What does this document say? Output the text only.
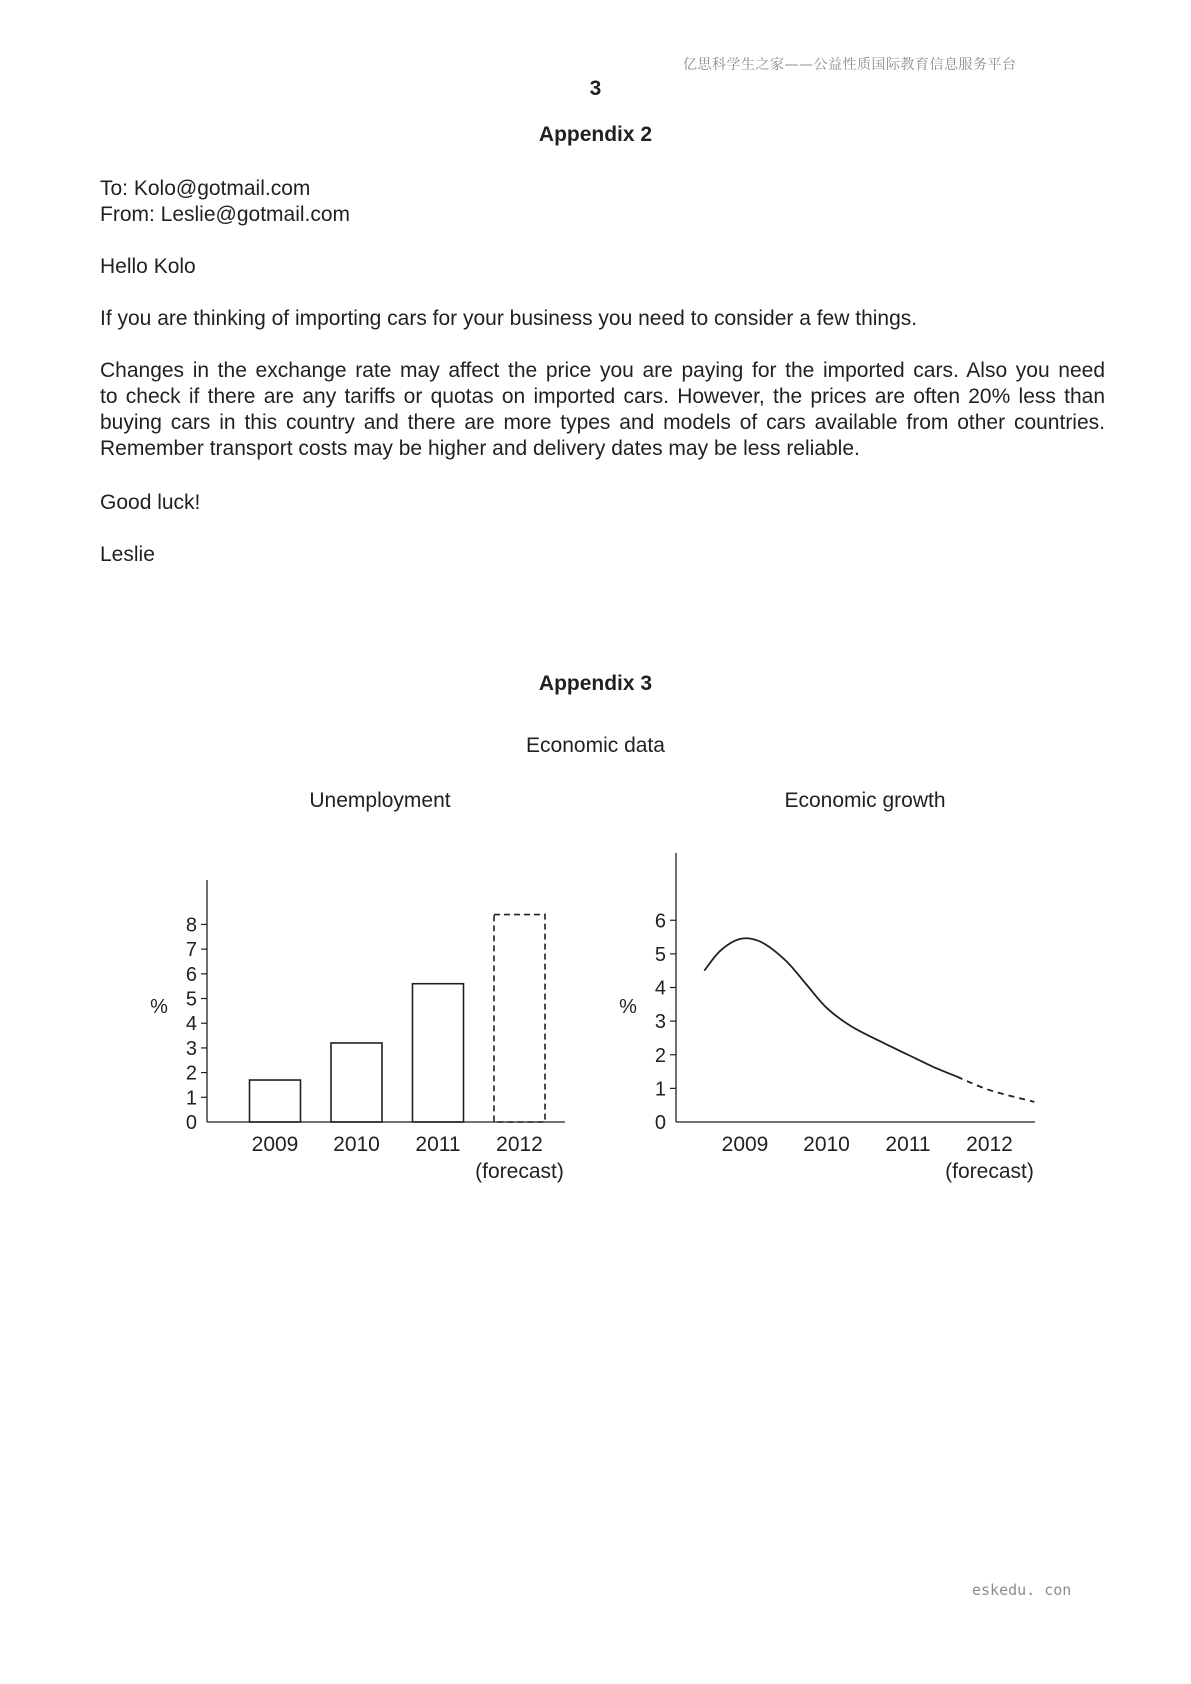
亿思科学生之家——公益性质国际教育信息服务平台
3
Appendix 2
To: Kolo@gotmail.com
From: Leslie@gotmail.com
Hello Kolo
If you are thinking of importing cars for your business you need to consider a few things.
Changes in the exchange rate may affect the price you are paying for the imported cars. Also you need
to check if there are any tariffs or quotas on imported cars. However, the prices are often 20% less than
buying cars in this country and there are more types and models of cars available from other countries.
Remember transport costs may be higher and delivery dates may be less reliable.
Good luck!
Leslie
Appendix 3
Economic data
Unemployment	Economic growth
0
1
2
3
4
5
6
7
8
%
2009 2010 2011 2012
(forecast)
0
1
2
3
4
5
6
%
2009 2010 2011 2012
(forecast)
eskedu. con
